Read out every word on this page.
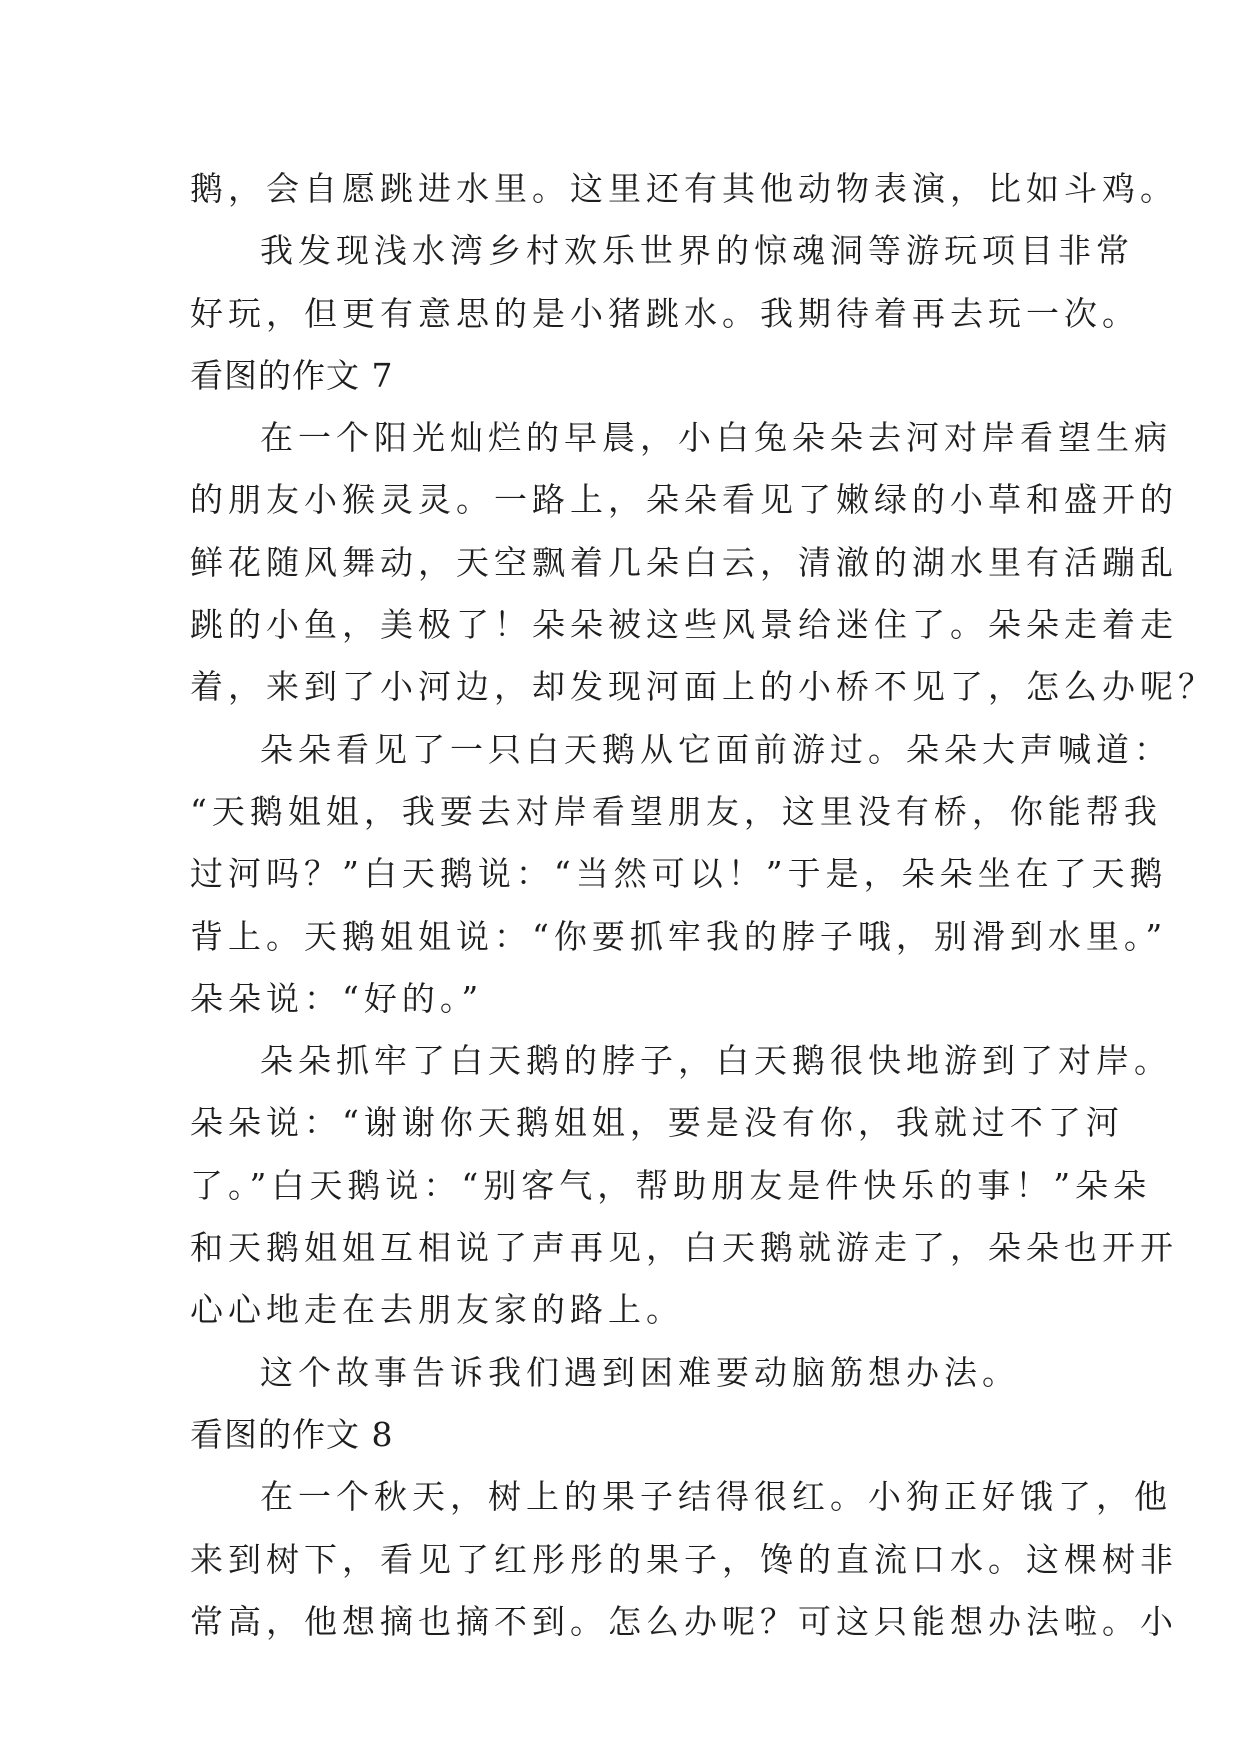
鹅，会自愿跳进水里。这里还有其他动物表演，比如斗鸡。
我发现浅水湾乡村欢乐世界的惊魂洞等游玩项目非常
好玩，但更有意思的是小猪跳水。我期待着再去玩一次。
看图的作文 7
在一个阳光灿烂的早晨，小白兔朵朵去河对岸看望生病
的朋友小猴灵灵。一路上，朵朵看见了嫩绿的小草和盛开的
鲜花随风舞动，天空飘着几朵白云，清澈的湖水里有活蹦乱
跳的小鱼，美极了！朵朵被这些风景给迷住了。朵朵走着走
着，来到了小河边，却发现河面上的小桥不见了，怎么办呢？
朵朵看见了一只白天鹅从它面前游过。朵朵大声喊道：
“天鹅姐姐，我要去对岸看望朋友，这里没有桥，你能帮我
过河吗？”白天鹅说：“当然可以！”于是，朵朵坐在了天鹅
背上。天鹅姐姐说：“你要抓牢我的脖子哦，别滑到水里。”
朵朵说：“好的。”
朵朵抓牢了白天鹅的脖子，白天鹅很快地游到了对岸。
朵朵说：“谢谢你天鹅姐姐，要是没有你，我就过不了河
了。”白天鹅说：“别客气，帮助朋友是件快乐的事！”朵朵
和天鹅姐姐互相说了声再见，白天鹅就游走了，朵朵也开开
心心地走在去朋友家的路上。
这个故事告诉我们遇到困难要动脑筋想办法。
看图的作文 8
在一个秋天，树上的果子结得很红。小狗正好饿了，他
来到树下，看见了红彤彤的果子，馋的直流口水。这棵树非
常高，他想摘也摘不到。怎么办呢？可这只能想办法啦。小
